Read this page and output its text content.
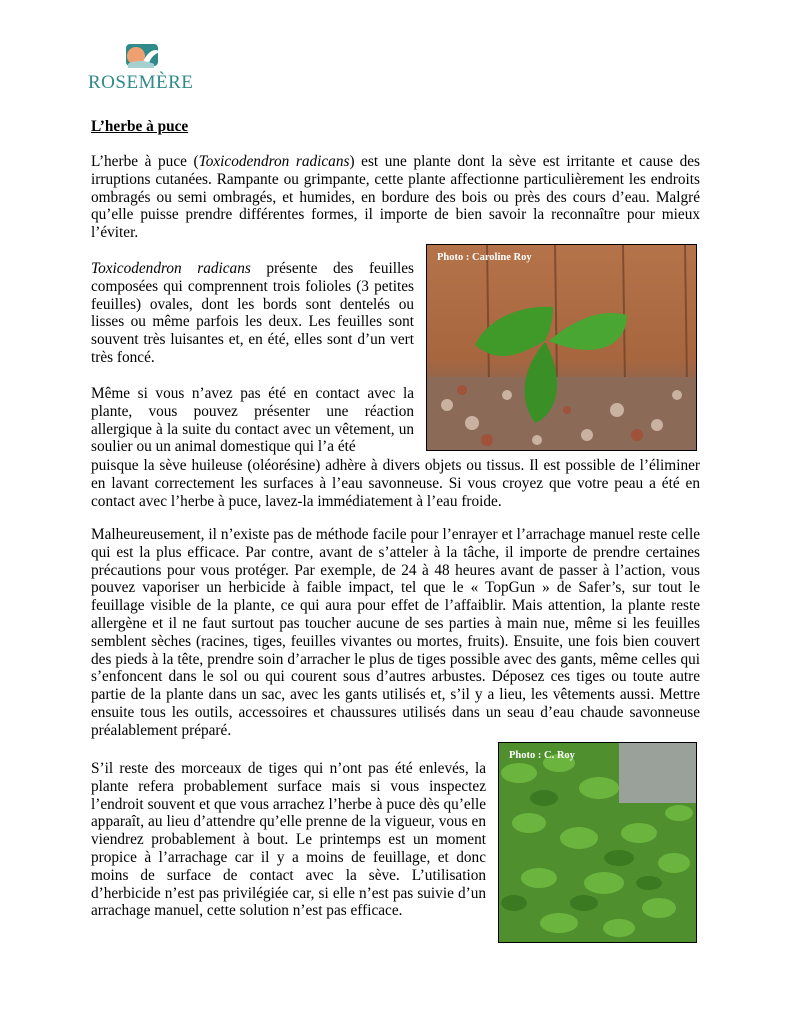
ROSEMÈRE
L’herbe à puce

L’herbe à puce (Toxicodendron radicans) est une plante dont la sève est irritante et cause des irruptions cutanées. Rampante ou grimpante, cette plante affectionne particulièrement les endroits ombragés ou semi ombragés, et humides, en bordure des bois ou près des cours d’eau. Malgré qu’elle puisse prendre différentes formes, il importe de bien savoir la reconnaître pour mieux l’éviter.

Toxicodendron radicans présente des feuilles composées qui comprennent trois folioles (3 petites feuilles) ovales, dont les bords sont dentelés ou lisses ou même parfois les deux. Les feuilles sont souvent très luisantes et, en été, elles sont d’un vert très foncé.

Même si vous n’avez pas été en contact avec la plante, vous pouvez présenter une réaction allergique à la suite du contact avec un vêtement, un soulier ou un animal domestique qui l’a été

puisque la sève huileuse (oléorésine) adhère à divers objets ou tissus. Il est possible de l’éliminer en lavant correctement les surfaces à l’eau savonneuse. Si vous croyez que votre peau a été en contact avec l’herbe à puce, lavez-la immédiatement à l’eau froide.

Malheureusement, il n’existe pas de méthode facile pour l’enrayer et l’arrachage manuel reste celle qui est la plus efficace. Par contre, avant de s’atteler à la tâche, il importe de prendre certaines précautions pour vous protéger. Par exemple, de 24 à 48 heures avant de passer à l’action, vous pouvez vaporiser un herbicide à faible impact, tel que le « TopGun » de Safer’s, sur tout le feuillage visible de la plante, ce qui aura pour effet de l’affaiblir. Mais attention, la plante reste allergène et il ne faut surtout pas toucher aucune de ses parties à main nue, même si les feuilles semblent sèches (racines, tiges, feuilles vivantes ou mortes, fruits). Ensuite, une fois bien couvert des pieds à la tête, prendre soin d’arracher le plus de tiges possible avec des gants, même celles qui s’enfoncent dans le sol ou qui courent sous d’autres arbustes. Déposez ces tiges ou toute autre partie de la plante dans un sac, avec les gants utilisés et, s’il y a lieu, les vêtements aussi. Mettre ensuite tous les outils, accessoires et chaussures utilisés dans un seau d’eau chaude savonneuse préalablement préparé.

S’il reste des morceaux de tiges qui n’ont pas été enlevés, la plante refera probablement surface mais si vous inspectez l’endroit souvent et que vous arrachez l’herbe à puce dès qu’elle apparaît, au lieu d’attendre qu’elle prenne de la vigueur, vous en viendrez probablement à bout. Le printemps est un moment propice à l’arrachage car il y a moins de feuillage, et donc moins de surface de contact avec la sève. L’utilisation d’herbicide n’est pas privilégiée car, si elle n’est pas suivie d’un arrachage manuel, cette solution n’est pas efficace.

Photo : Caroline Roy
Photo : C. Roy
